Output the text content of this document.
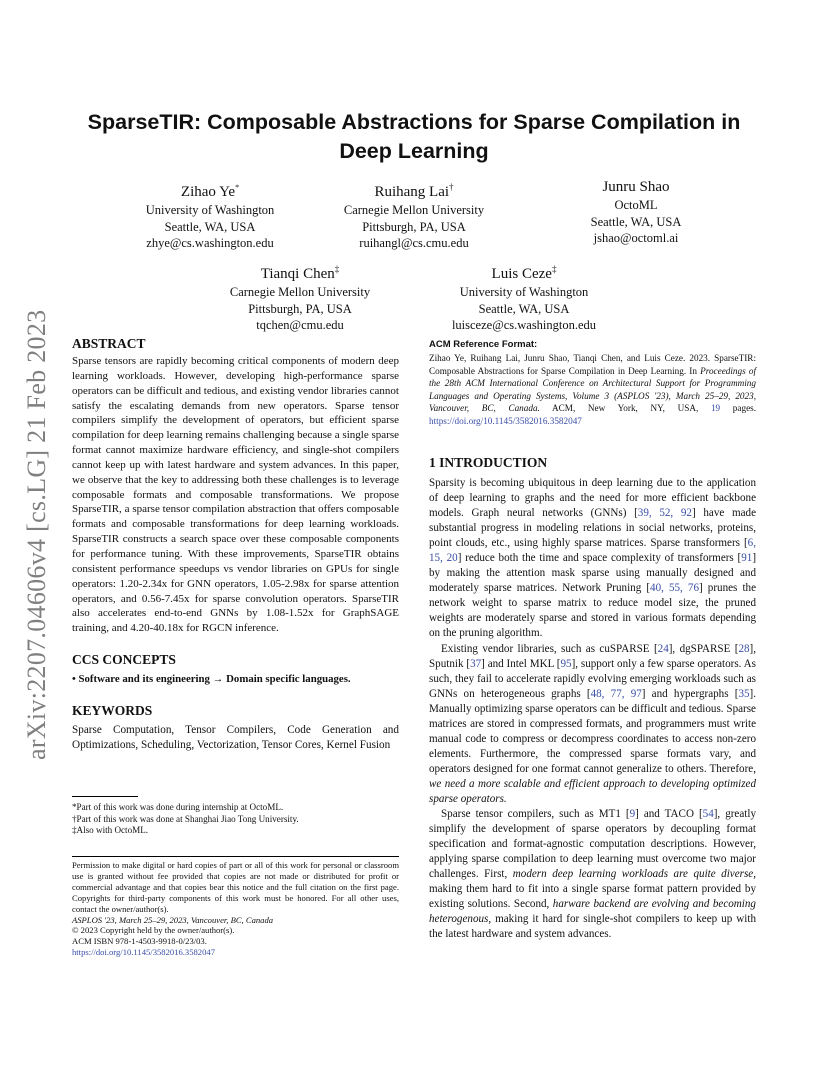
arXiv:2207.04606v4 [cs.LG] 21 Feb 2023
SparseTIR: Composable Abstractions for Sparse Compilation in
Deep Learning
Zihao Ye*
University of Washington
Seattle, WA, USA
zhye@cs.washington.edu
Ruihang Lai†
Carnegie Mellon University
Pittsburgh, PA, USA
ruihangl@cs.cmu.edu
Junru Shao
OctoML
Seattle, WA, USA
jshao@octoml.ai
Tianqi Chen‡
Carnegie Mellon University
Pittsburgh, PA, USA
tqchen@cmu.edu
Luis Ceze‡
University of Washington
Seattle, WA, USA
luisceze@cs.washington.edu
ABSTRACT

Sparse tensors are rapidly becoming critical components of modern deep learning workloads. However, developing high-performance sparse operators can be difficult and tedious, and existing vendor libraries cannot satisfy the escalating demands from new operators. Sparse tensor compilers simplify the development of operators, but efficient sparse compilation for deep learning remains challenging because a single sparse format cannot maximize hardware efficiency, and single-shot compilers cannot keep up with latest hardware and system advances. In this paper, we observe that the key to addressing both these challenges is to leverage composable formats and composable transformations. We propose SparseTIR, a sparse tensor compilation abstraction that offers composable formats and composable transformations for deep learning workloads. SparseTIR constructs a search space over these composable components for performance tuning. With these improvements, SparseTIR obtains consistent performance speedups vs vendor libraries on GPUs for single operators: 1.20-2.34x for GNN operators, 1.05-2.98x for sparse attention operators, and 0.56-7.45x for sparse convolution operators. SparseTIR also accelerates end-to-end GNNs by 1.08-1.52x for GraphSAGE training, and 4.20-40.18x for RGCN inference.

CCS CONCEPTS

• Software and its engineering → Domain specific languages.

KEYWORDS

Sparse Computation, Tensor Compilers, Code Generation and Optimizations, Scheduling, Vectorization, Tensor Cores, Kernel Fusion

*Part of this work was done during internship at OctoML.
†Part of this work was done at Shanghai Jiao Tong University.
‡Also with OctoML.
Permission to make digital or hard copies of part or all of this work for personal or classroom use is granted without fee provided that copies are not made or distributed for profit or commercial advantage and that copies bear this notice and the full citation on the first page. Copyrights for third-party components of this work must be honored. For all other uses, contact the owner/author(s).
ASPLOS '23, March 25–29, 2023, Vancouver, BC, Canada
© 2023 Copyright held by the owner/author(s).
ACM ISBN 978-1-4503-9918-0/23/03.
https://doi.org/10.1145/3582016.3582047
ACM Reference Format:

Zihao Ye, Ruihang Lai, Junru Shao, Tianqi Chen, and Luis Ceze. 2023. SparseTIR: Composable Abstractions for Sparse Compilation in Deep Learning. In Proceedings of the 28th ACM International Conference on Architectural Support for Programming Languages and Operating Systems, Volume 3 (ASPLOS '23), March 25–29, 2023, Vancouver, BC, Canada. ACM, New York, NY, USA, 19 pages. https://doi.org/10.1145/3582016.3582047

1 INTRODUCTION

Sparsity is becoming ubiquitous in deep learning due to the application of deep learning to graphs and the need for more efficient backbone models. Graph neural networks (GNNs) [39, 52, 92] have made substantial progress in modeling relations in social networks, proteins, point clouds, etc., using highly sparse matrices. Sparse transformers [6, 15, 20] reduce both the time and space complexity of transformers [91] by making the attention mask sparse using manually designed and moderately sparse matrices. Network Pruning [40, 55, 76] prunes the network weight to sparse matrix to reduce model size, the pruned weights are moderately sparse and stored in various formats depending on the pruning algorithm.

Existing vendor libraries, such as cuSPARSE [24], dgSPARSE [28], Sputnik [37] and Intel MKL [95], support only a few sparse operators. As such, they fail to accelerate rapidly evolving emerging workloads such as GNNs on heterogeneous graphs [48, 77, 97] and hypergraphs [35]. Manually optimizing sparse operators can be difficult and tedious. Sparse matrices are stored in compressed formats, and programmers must write manual code to compress or decompress coordinates to access non-zero elements. Furthermore, the compressed sparse formats vary, and operators designed for one format cannot generalize to others. Therefore, we need a more scalable and efficient approach to developing optimized sparse operators.

Sparse tensor compilers, such as MT1 [9] and TACO [54], greatly simplify the development of sparse operators by decoupling format specification and format-agnostic computation descriptions. However, applying sparse compilation to deep learning must overcome two major challenges. First, modern deep learning workloads are quite diverse, making them hard to fit into a single sparse format pattern provided by existing solutions. Second, harware backend are evolving and becoming heterogenous, making it hard for single-shot compilers to keep up with the latest hardware and system advances.
